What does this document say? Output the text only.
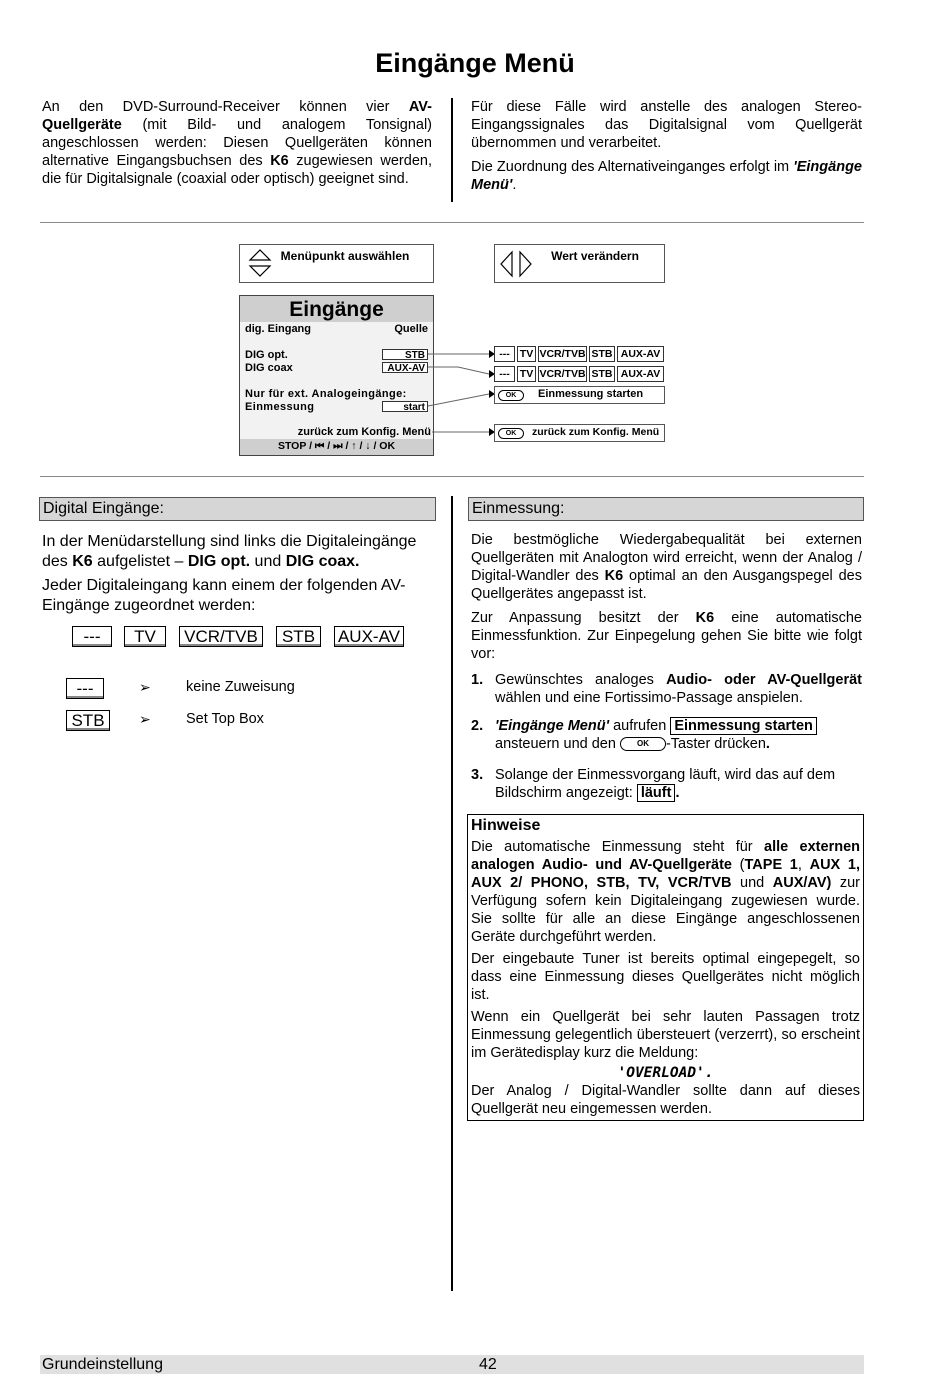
Eingänge Menü

An den DVD-Surround-Receiver können vier AV-Quellgeräte (mit Bild- und analogem Tonsignal) angeschlossen werden: Diesen Quellgeräten können alternative Eingangsbuchsen des K6 zugewiesen werden, die für Digitalsignale (coaxial oder optisch) geeignet sind.

Für diese Fälle wird anstelle des analogen Stereo-Eingangssignales das Digitalsignal vom Quellgerät übernommen und verarbeitet.

Die Zuordnung des Alternativeinganges erfolgt im 'Eingänge Menü'.

Menüpunkt auswählen	Wert verändern
Eingänge
dig. Eingang	Quelle
DIG opt.
DIG coax
STB
AUX-AV
Nur für ext. Analogeingänge:
Einmessung	start
zurück zum Konfig. Menü
STOP / ⏮ / ⏭ / ↑ / ↓ / OK
--- TV VCR/TVB STB AUX-AV
--- TV VCR/TVB STB AUX-AV
OK	Einmessung starten
OK	zurück zum Konfig. Menü
Digital Eingänge:

In der Menüdarstellung sind links die Digitaleingänge des K6 aufgelistet – DIG opt. und DIG coax.

Jeder Digitaleingang kann einem der folgenden AV-Eingänge zugeordnet werden:

---	TV	VCR/TVB	STB	AUX-AV
---	➢ keine Zuweisung
STB	➢ Set Top Box
Einmessung:

Die bestmögliche Wiedergabequalität bei externen Quellgeräten mit Analogton wird erreicht, wenn der Analog / Digital-Wandler des K6 optimal an den Ausgangspegel des Quellgerätes angepasst ist.

Zur Anpassung besitzt der K6 eine automatische Einmessfunktion. Zur Einpegelung gehen Sie bitte wie folgt vor:

1. Gewünschtes analoges Audio- oder AV-Quellgerät wählen und eine Fortissimo-Passage anspielen.

2. 'Eingänge Menü' aufrufen Einmessung starten
ansteuern und den OK -Taster drücken.

3. Solange der Einmessvorgang läuft, wird das auf dem Bildschirm angezeigt: läuft .

Hinweise

Die automatische Einmessung steht für alle externen analogen Audio- und AV-Quellgeräte (TAPE 1, AUX 1, AUX 2/ PHONO, STB, TV, VCR/TVB und AUX/AV) zur Verfügung sofern kein Digitaleingang zugewiesen wurde. Sie sollte für alle an diese Eingänge angeschlossenen Geräte durchgeführt werden.

Der eingebaute Tuner ist bereits optimal eingepegelt, so dass eine Einmessung dieses Quellgerätes nicht möglich ist.

Wenn ein Quellgerät bei sehr lauten Passagen trotz Einmessung gelegentlich übersteuert (verzerrt), so erscheint im Gerätedisplay kurz die Meldung:

'OVERLOAD'.

Der Analog / Digital-Wandler sollte dann auf dieses Quellgerät neu eingemessen werden.

Grundeinstellung	42
